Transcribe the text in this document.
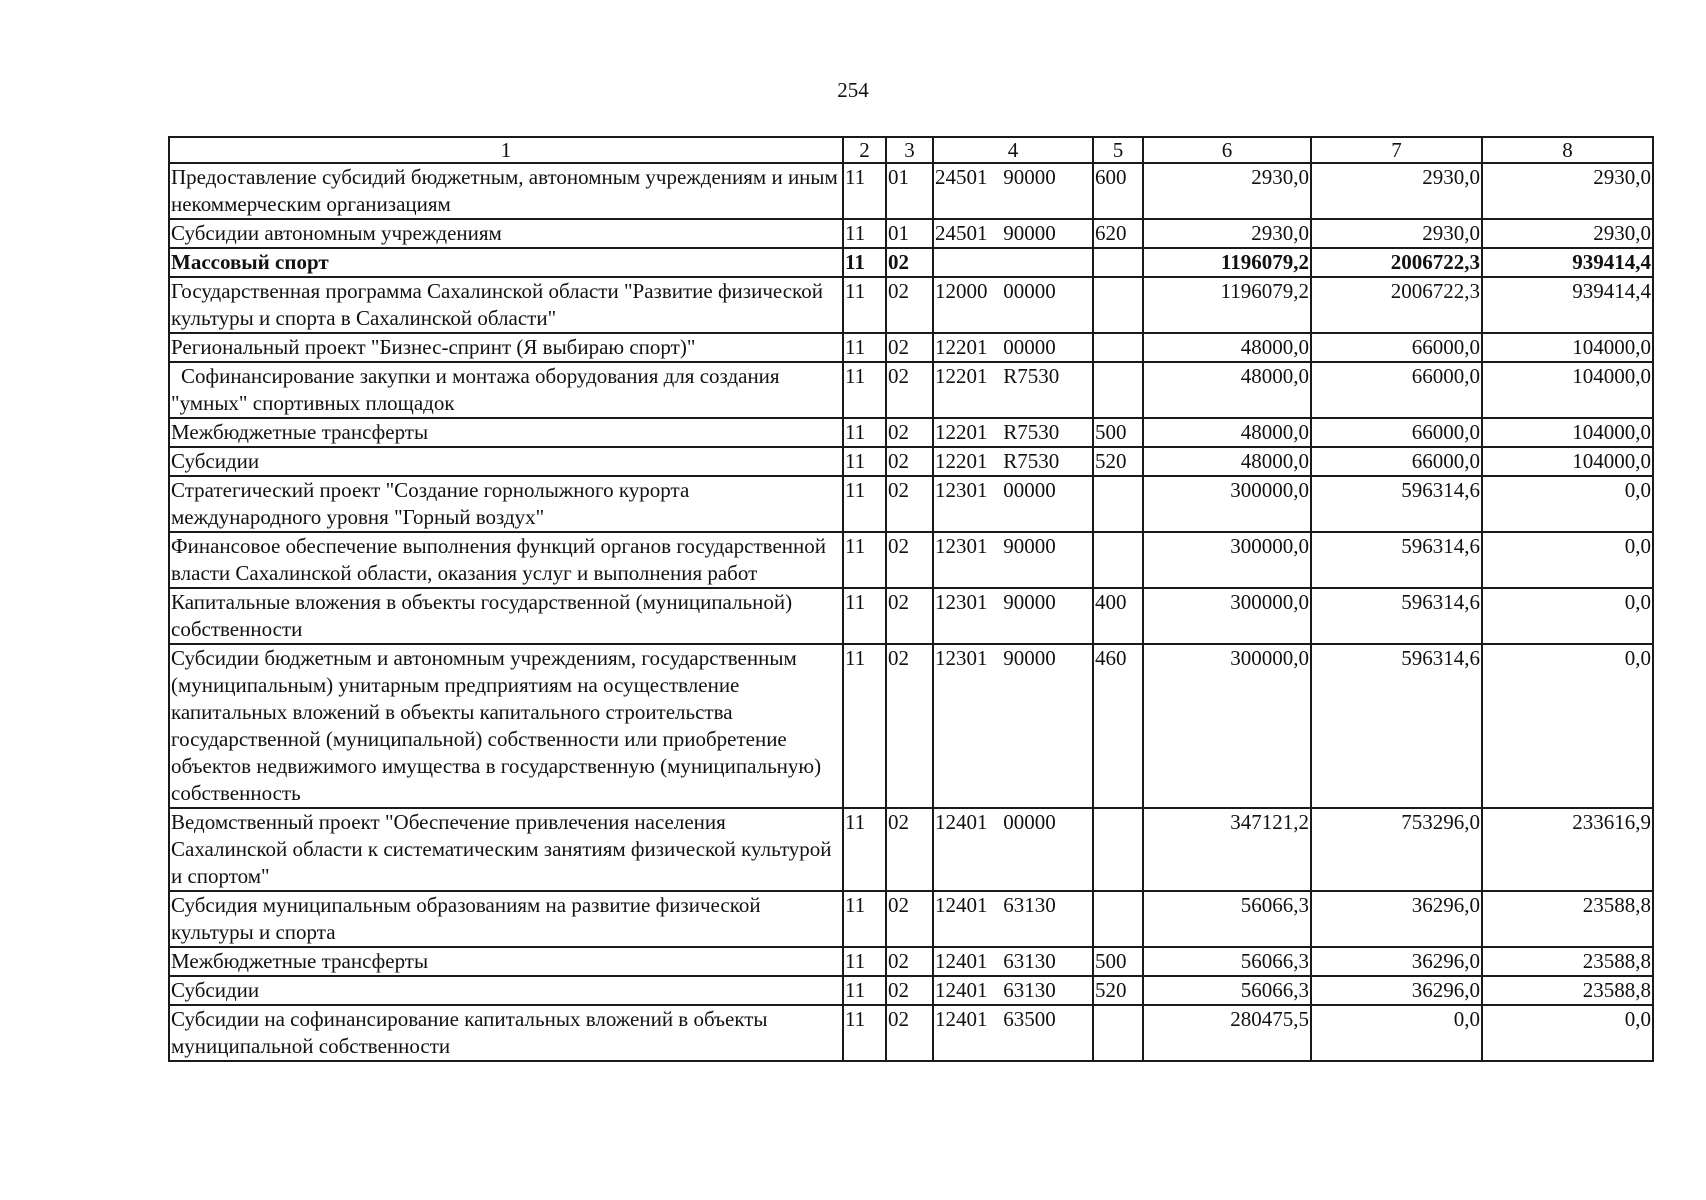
254
1	2	3	4	5	6	7	8
Предоставление субсидий бюджетным, автономным учреждениям и иным некоммерческим организациям	11	01	24501   90000	600	2930,0	2930,0	2930,0
Субсидии автономным учреждениям	11	01	24501   90000	620	2930,0	2930,0	2930,0
Массовый спорт	11	02			1196079,2	2006722,3	939414,4
Государственная программа Сахалинской области "Развитие физической культуры и спорта в Сахалинской области"	11	02	12000   00000		1196079,2	2006722,3	939414,4
Региональный проект "Бизнес-спринт (Я выбираю спорт)"	11	02	12201   00000		48000,0	66000,0	104000,0
Софинансирование закупки и монтажа оборудования для создания "умных" спортивных площадок	11	02	12201   R7530		48000,0	66000,0	104000,0
Межбюджетные трансферты	11	02	12201   R7530	500	48000,0	66000,0	104000,0
Субсидии	11	02	12201   R7530	520	48000,0	66000,0	104000,0
Стратегический проект "Создание горнолыжного курорта международного уровня "Горный воздух"	11	02	12301   00000		300000,0	596314,6	0,0
Финансовое обеспечение выполнения функций органов государственной власти Сахалинской области, оказания услуг и выполнения работ	11	02	12301   90000		300000,0	596314,6	0,0
Капитальные вложения в объекты государственной (муниципальной) собственности	11	02	12301   90000	400	300000,0	596314,6	0,0
Субсидии бюджетным и автономным учреждениям, государственным (муниципальным) унитарным предприятиям на осуществление капитальных вложений в объекты капитального строительства государственной (муниципальной) собственности или приобретение объектов недвижимого имущества в государственную (муниципальную) собственность	11	02	12301   90000	460	300000,0	596314,6	0,0
Ведомственный проект "Обеспечение привлечения населения Сахалинской области к систематическим занятиям физической культурой и спортом"	11	02	12401   00000		347121,2	753296,0	233616,9
Субсидия муниципальным образованиям на развитие физической культуры и спорта	11	02	12401   63130		56066,3	36296,0	23588,8
Межбюджетные трансферты	11	02	12401   63130	500	56066,3	36296,0	23588,8
Субсидии	11	02	12401   63130	520	56066,3	36296,0	23588,8
Субсидии на софинансирование капитальных вложений в объекты муниципальной собственности	11	02	12401   63500		280475,5	0,0	0,0
